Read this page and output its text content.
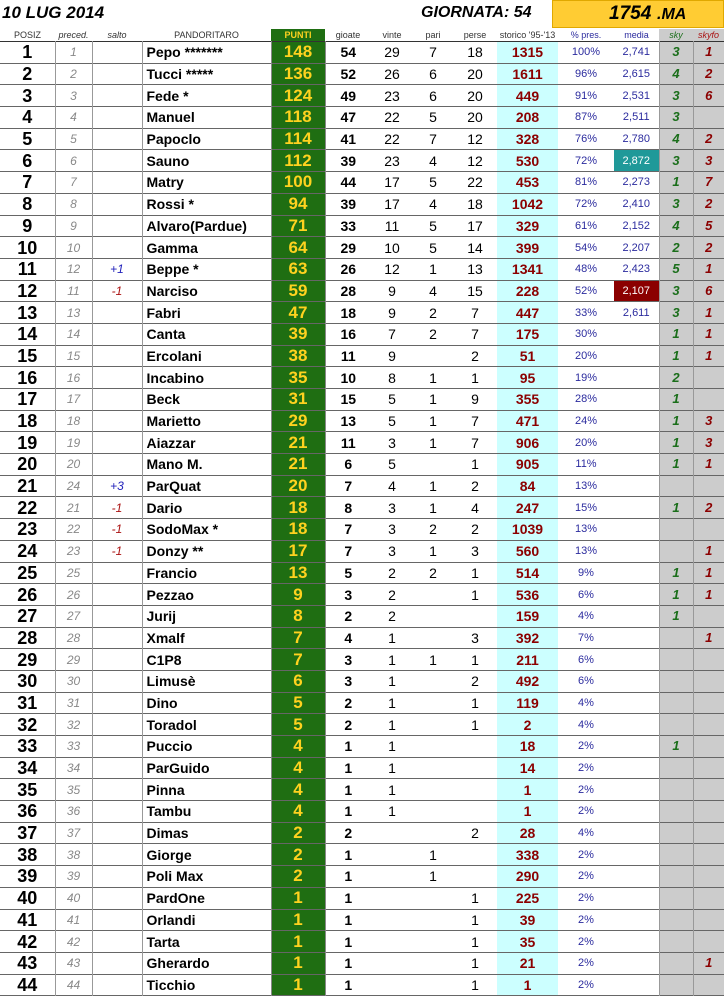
10 LUG 2014	GIORNATA: 54	1754 .MA
POSIZ	preced.	salto	PANDORITARO	PUNTI	gioate	vinte	pari	perse	storico '95-'13	% pres.	media	sky	skyfo
1	1		Pepo *******	148	54	29	7	18	1315	100%	2,741	3	1
2	2		Tucci *****	136	52	26	6	20	1611	96%	2,615	4	2
3	3		Fede *	124	49	23	6	20	449	91%	2,531	3	6
4	4		Manuel	118	47	22	5	20	208	87%	2,511	3	
5	5		Papoclo	114	41	22	7	12	328	76%	2,780	4	2
6	6		Sauno	112	39	23	4	12	530	72%	2,872	3	3
7	7		Matry	100	44	17	5	22	453	81%	2,273	1	7
8	8		Rossi *	94	39	17	4	18	1042	72%	2,410	3	2
9	9		Alvaro(Pardue)	71	33	11	5	17	329	61%	2,152	4	5
10	10		Gamma	64	29	10	5	14	399	54%	2,207	2	2
11	12	+1	Beppe *	63	26	12	1	13	1341	48%	2,423	5	1
12	11	-1	Narciso	59	28	9	4	15	228	52%	2,107	3	6
13	13		Fabri	47	18	9	2	7	447	33%	2,611	3	1
14	14		Canta	39	16	7	2	7	175	30%		1	1
15	15		Ercolani	38	11	9		2	51	20%		1	1
16	16		Incabino	35	10	8	1	1	95	19%		2	
17	17		Beck	31	15	5	1	9	355	28%		1	
18	18		Marietto	29	13	5	1	7	471	24%		1	3
19	19		Aiazzar	21	11	3	1	7	906	20%		1	3
20	20		Mano M.	21	6	5		1	905	11%		1	1
21	24	+3	ParQuat	20	7	4	1	2	84	13%			
22	21	-1	Dario	18	8	3	1	4	247	15%		1	2
23	22	-1	SodoMax *	18	7	3	2	2	1039	13%			
24	23	-1	Donzy **	17	7	3	1	3	560	13%			1
25	25		Francio	13	5	2	2	1	514	9%		1	1
26	26		Pezzao	9	3	2		1	536	6%		1	1
27	27		Jurij	8	2	2			159	4%		1	
28	28		Xmalf	7	4	1		3	392	7%			1
29	29		C1P8	7	3	1	1	1	211	6%			
30	30		Limusè	6	3	1		2	492	6%			
31	31		Dino	5	2	1		1	119	4%			
32	32		Toradol	5	2	1		1	2	4%			
33	33		Puccio	4	1	1			18	2%		1	
34	34		ParGuido	4	1	1			14	2%			
35	35		Pinna	4	1	1			1	2%			
36	36		Tambu	4	1	1			1	2%			
37	37		Dimas	2	2			2	28	4%			
38	38		Giorge	2	1		1		338	2%			
39	39		Poli Max	2	1		1		290	2%			
40	40		PardOne	1	1			1	225	2%			
41	41		Orlandi	1	1			1	39	2%			
42	42		Tarta	1	1			1	35	2%			
43	43		Gherardo	1	1			1	21	2%			1
44	44		Ticchio	1	1			1	1	2%			
